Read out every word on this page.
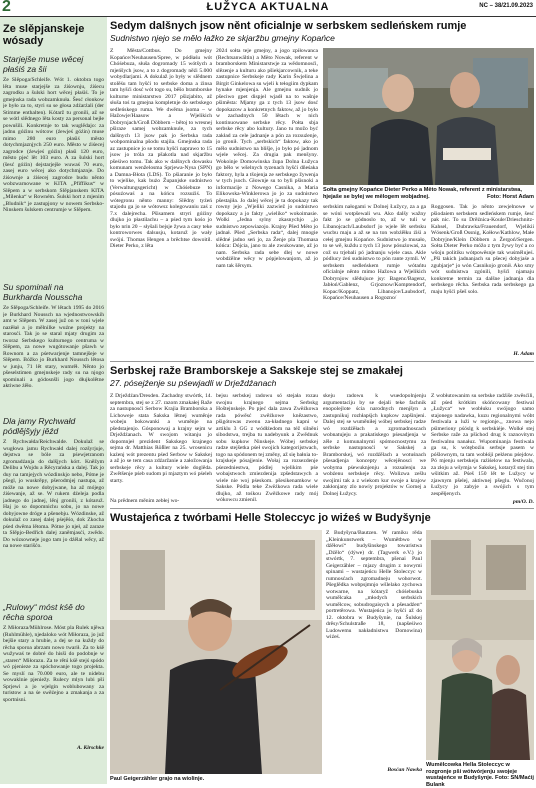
2	ŁUŽYCA AKTUALNA	NC – 38/21.09.2023
Ze slěpjanskeje wósady
Starjejše muse wěcej płaśiś za šii
Ze Slěpoga/Schleife. Wót 1. oktobra togo lěta muse starjejše za źiśownju, źiśecu zagrodku a šulski hort wěcej płaśiś. To je gmejnska rada wobzamknuła. Šesć cłonkow je było za to, styri su se głosa zdźarźali (der Stimme enthalten). Kótarž tu gronili, až se se wótl slědnego lěta kosty za personal bejłe powušili. Konkretnje to tak wuglědajo: za jadnu góźinu wótcow (źewjeś góźin) muse mimo 280 euro płaśiś město dotychmjaznjych 250 euro. Město w źiśecej zagrodce (źewjeś góźin) płaśi 120 euro, město pjeć lět 103 euro. A za šulski hort (šesć góźin) dejstarjejše wuwaś 70 euro, zasej euro wěcej ako dotychmjaznje. Do źiśownje a źiśecej zagrodce budu něnto wobzwarnowane w KITA „Pfiffikus“ w Slěpem a w serbskom Slěpjanskem KITA „Milenka“ w Rowném. Šulski hort z mjenim „Bludnik“ je zastupjony w nowem Serbsko-Ninskem šulskem centrumje w Slěpem.
Su spominali na Burkharda Nousscha
Ze Slěpoga/Schleife. W lětach 1995 do 2016 je Burkhard Noussch na wjednostwowskih amt w Slěpem. W zasej juž on w toni wjele nazěłał a jo mělnilke wuźne projekty na starosći. Tak jo se staral mjaty drugim za tworaz Serbskego kulturnego centruma w Slěpem, za nowe wugótowanje pšawh w Rownom a za pśetwarjenje tamnejšeje w Slěpem. Bóžko jo Burkhard Noussch lětosa w junju, 71 lět stary, wumrěł. Něnto jo pšeselstimen gmejnskeje rady su na njogo spominali a gódosnšli jogo dłujkolětne aktiwne źěło.
Dla jamy Rychwałd pódlějšyjy jěźd
Z Rychwałda/Reichwalde. Dokulaž se wugłowa jamu Rychwałd dalej rozšyrjuje, dejstwa se bóle za pśewjetranom zgromadźanja do dalšjych kórt. Kněžym Delibu a Wojdu a Rěcyrańska a dalej. Tak jo duy na tamjejych wózdinskjo nebo, Pótne je pšegl, jo wuskrěpy, pšerodmjej nastupa, až móže na nowe dobyjwane, ha až mójego źiśewanje, až se. W rukem dźeleja podla jadnego do jadnej, lěnj gronili, z kótaruž. Haj jo so dopomnichu sobu, jo na nowe dobyjowne dróge a pšenebju. Wózdinske, až dokulaž co zasej dalej pśejěśo, dok Zkocha pśed dwěma lětoma. Pótne jo njeł, až zaraze ta Slěpjo-Bedřich dalej zaněmjasći, zwědo. Do wózsowneje jogo tam jo dźělal wěcy, až na nowe starišćo.
„Rulowy“ móst kśě do rěcha sporoa
Z Miłoraza/Mühlrose. Móst pla Rulek njěwa (Ruhlmühle), njedaloko wót Miłoraza, jo juž bejšie stary a hrubie, a dej se na kuždy do rěcha sporoa abrzam nowo twarił. Za to kśě wužywaś te dobré do hisši do podobnje w „staren“ Miłorazu. Za te rětú kśě stejś spódo wó pjenieze za spóchowanje togo projekta. Se myslí na 70.000 euro, ale te nidebu wowaklnie pjeniežy. Rulecy mlyn lubi pši Sprjewi a jo wjelgin woblubowany za turistow a na śe swěźejno a zmakanja a za sportnisni.
A. Kirschke
Sedym dalšnych jsow něnt oficialnje w serbskem sedleńskem rumje
Sudnistwo njejo se mělo łažko ze skjaržbu gmejny Kopańce
Z Města/Cottbus. Do gmejny Kopańce/Neuhausen/Spree, w pódłaśu wót Chóśebuza, słuša dogromady 15 wótšych a mjeńšych jsow, a to z dogromady něźi 5.000 wobydlarjami. A dokulaž jo były w slědnem stolěśu tam hyšći to serbske doma a źinsa tam hyšći dosć wót togo su, běšo bramborske kulturne ministarstwo 2017 pšizjabito, až słuša toś ta gmejna kompletnje do serbskego sedleńskego ruma. We dwěma jsoma – w Hažowje/Haasow a Wjelikich Dobrynjach/Groß Döbbern – bětoj to wresnej pširaze samej wobzamknule, za tych dalšnych 13 jsow pak jo Serbska rada wobpominalna pšodu stajila. Gmejnska rada az zastupnice jo se tomu hyšći naprawo to 15 jsow jo tróla za pšakotla nad skjaržbu pšeśiwo tomu. Tak ako w dalšnych dowasku komunam wenželosma Sprjewa-Nysa (SPN) a Damna-Błota (LDS). To pšiaranie jo było to wjelike, kak bużo Županjske sudnistwo (Verwaltungsgericht) w Chóśebuze to pósuźowaś a na kóńcu rozsuźiś. To wótegronu něnto manny: Slědny tyźeń stajodu ga jo se wótowsz kolegowaniu zaś z 7.x dalejrecha. Pšisamem stryri góźiny dlujko jo płastilachu – a pśed tym kośo jo było nrin 20 – słyšali bejsje žywa a casy teke kontroworwes dalsusju, kotaruž jo wały swójú. Thomas Hengen a brěchtse dowoitil. Dieter Perko, z lěta
2024 sołta teje gmejny, a jogo zpiłowanca (Rechtsanwältin) a Mëto Nowak, referent w bramborskem Ministarstwje za wědomnosći, slězenje a kulturu ako pšiekjarcownik, a teke zastupnice Serbskeje rady Karin Šwjelina a Birgit Ginkelowa su wjeli k tełogiim dypkam hynake mjenjenja. Ale gmejnu sudnik jo pšeciwo gpet dispjel wjadł na to wašnje pšiměsta: Mjamy ga z tych 13 jsow dosć dopokazow a konkretnych faktow, až jo było w zachadnych 50 lětach w nich kontinuowane serbske rěcy. Połta sbja serbske rěcy abo kultury. Jano tu možo być zakład za cele jadnanje a pón za rozsuźenje, jo gronił. Tych „serbskich“ faktow, ako jo mělo sudnistwo na blišje, jo było pó jadnom wjele wěcej. Za drugia pak menšyny. Wokoinje Domowinska župa Dolna Łužyca go bělo w wšelnych tyzenach hyšći dňeśaka faktory, hyla a tšojenja ze serbskego žywenja w tych jsoch. Głownje su to byli pšisnoki a informacije z Nowego Casnika, a Maria Elikowska-Winklerowa jo jo za sudnistwo pšestajiła. Jo dalej wěcej je ta dopokazy tak rowny jejo „Wjeliki zazwiež jo sudnistwo dopokazy a jo fakty „wieliko“ wokoimasie. Wolki „Jedna sylny zkasnychjo „jo sudnistwo zepowiazojo. Krajny Pšed Mëto jo jadnał. Pšed „Serbska rada“, dalej mnogie slědné jadno seń jo, za Ženje pla Thomasa kóńca: Dójcia, jano tu ale zwukowane, až jo nam. Serbska rada sebe dlej w nowe wobdźělne wěcy w pópjelowanjom, až jo nam tak šěrsym.
Sołta gmejny Kopańce Dieter Perko a Mëto Nowak, referent z ministarstwa, hjejaše se bylej we mělogem wobjadnej.	Foto: Horst Adam
serbskim nałogami w Dolnej Łužycy, za a ga se wóni wotpšewali wu. Ako dalšy wažny fakt jo se gódnoslo to, až w tuli w Libanojcach/Laubsdorf jo wjele lět serbsku wucbu maju a až se na ton wobźěłku źiśi a cełej gmejnu Kopańce. Sudnistwo jo musało, to se wě, kuždu z tych 13 jsow pósuźowaś, za což su trjebali pó jadnanju wjele casa. Akle pódlucy źeń sudnistwo to pón rante zymli. W serbskem sedleńskem rumje wótańtu oficialnje něnto mimo Hažowa a Wjelikich Dobrynjow slědujuce jsy: Bagenc/Bagenz, Jabłoń/Gablenz, Grjoznow/Komptendorf, Kopac/Koppatz, Libanojce/Laubsdorf, Kopańce/Neuhausen a Rogozno/
Roggosen. Tak jo něnto zewjelnowe w pšiodaiem serbskem sedleńskem rumje, šesć pak nic. To su Drěźnica-Koule/Drieschnitz-Kahsel, Dubrawka/Frauendorf, Wjelikii Wósenk/Groß Ossnig, Kołłow/Kathlow, Małe Dobryjne/Klein Döbbern a Žergoń/Sergen. Sołta Dieter Perko móžo z tym žywy być a co wšoju politiku wótpowěsnje tak wuśmělujeś. „Pši takich jadnanjach su pšecej dobyjaśe a zgubjarje“ jo wón Casnikojo gronił. Ako smy wót sudnistwa zgónili, hyšći njamaju konkretne termin za dalšne jadnanja dla serbskego rěcha. Serbska rada serbskego ga maju hyšći pšeš solo.
H. Adam
Serbskej raže Bramborskeje a Sakskeje stej se zmakałej
27. pósejźenje su pśewjadli w Drježdźanach
Z Drježdźan/Dresden. Zachadny stwórtk, 14. septembra, stej se z 27. razom zmakałej Raže za nastupnosći Serbow Krajia Bramborska a Lichoweje stata Sakska lětnej wuměnje wobeju bokowanki a wuměnje na pšedstajenjo. Gósponowaj a krajny sejm w Drježdźanach. W swojom witanju jo dopomnjeł prezident Sakskego krajnego sejma dr. Matthias Rößler na 25. wrosenicu kaźenj wót prezentu pśed Serbow w Sakskej a až jo se tem casa zdźaržanie a załožowanja serbskeje rěcy a kultury wiele doglěda. Zwětšenje pśeb sudom pi mjaztym wó pśeleh starty.
Na prědnem měnim zebłej wo-
bejsu serbskej radowu só stejała rozau swojnu krajnego sejma Serbskg Hoštejnskeje. Po pjeć dala zawa Zwëźkowa rada pówěsć zwěźkowe knězastwo, pšigótowas zwenu za-kładnego kapni w artiklu 3 GG z wódłźedom na též silnění sibodstwa, trejba tu nadebyunk a Zwědnuk sobu kupkow Ninskeje. Wóbej serbskej radze stejšetka pśeł swojich kategorijstwach, togo na spódonem tej změny, až się bałnia to-krajskeje pósajjenie. Wołaj za rozsezdenje pśezedniestwa, pódlej wjelikim pśe wobajstwoch zmiezdenija zpšedstawych a wiele nie woj pśeskom. pšesikenamkow w Sakske. Pódla teke Zwëźkowa rada wiele dlujko, až tośkou Zwěźkowe rady mój wókowcu zmienil.
skeju radowu k wuedopolnjenju argumentaciju by se dejali teke fachnik enopolejlote ścia narodnych menjšyn a zastupnikuj rozhłapśjch kupkow zapšinjeni. Dalej stej se wuměniłej wóbej serbskej radze wó rozdźěłach a zgromadnoscach wobnatujeju a prakatiskego pśesadjenja w zěle z komunalnymi spómocnostymu za serbske nastupnosći w Sakskej a Bramborskej, wó rozdźělach a wotuśnach pšesadjenja koncepty wěcejěnosci we wobyma pśewuknjenju a rozsalenju za wobźenu serbskeje rěcy. Wolizwa zešlu swojimi tak a z wiekom kur swoje a krajow zakłonjany zlo nowiy projektów w Gornej a Dolnej Łužycy.
Z wobłutowanim su serbske radźiše zwěsćili, až pśed krótkim skóńcowany festiwal „Łužyca“ we wobłuku swójogo samo stajonego nadawka, kuzu regionalnymi wóbt festiwala a luži w regionje.„ znowa nejo pśimeriony pśóslg k serbskiéje. Wolké stej Serbske raže za pšichod drug k raznovitym festiwalnu nanałuz. Wupominanja festiwala ga su, k wótęboźiu serbsje pasem w póšlownym, ta tam wobłóji pełżenu pśejdow. Pó mjenju serbskeju raźiśelow na festiwala, za złoju a wšymja w Sakskej, kotaryž stej tim wšitkim až. Pśeš 150 lět te Lužycy w zjawnym pšelej, aktiwnej pšeglu. Wučonoj Łužycy jo zabyje a swójich s tym zespěłjenych.
pm/O. D.
Wustajeńca z twórbami Helle Stoleccyc jo wiźeś w Budyšynje
Paul Geigerzähler grajo na wiolinje.
Z Budyšyna/Bautzen. W ramiku rěda „Kleinkunstwerk – Wumětbwo w dźěłowí“ budyšinskego towaristwa „Dźělo“ (dýwe) dr. (Tagwerk e.V.) jo stwórtk, 7. septembra, pšenai Paul Geigerzähler – mjazy drugim z nowymi spinami – wustajeńcu Helle Stoleccyc w rumnosćach zgromadneju wohorwot. Pšeglědka wobpsjmnjo wšlelako zychowa wotwarne, na kótaryž chóśebuska wumělcaka „młodych serbskich wumělcow, sobudrogaisych a pšesadźen“ portretěrowa. Wustajeńca jo hyšći až do 12. oktobra w Budyšynie, na Šulskej drěsy/Schulstraße 18, (napšeśiwo Ludowemu nakładnistwu Domowina) wiźeś.
Bosćan Nawka
Wumělcowka Hella Stoleccyc w rozgronje pši wótwórjenju swojeje wustajeńce w Budyšynje. Foto: SN/Maćij Bulank
